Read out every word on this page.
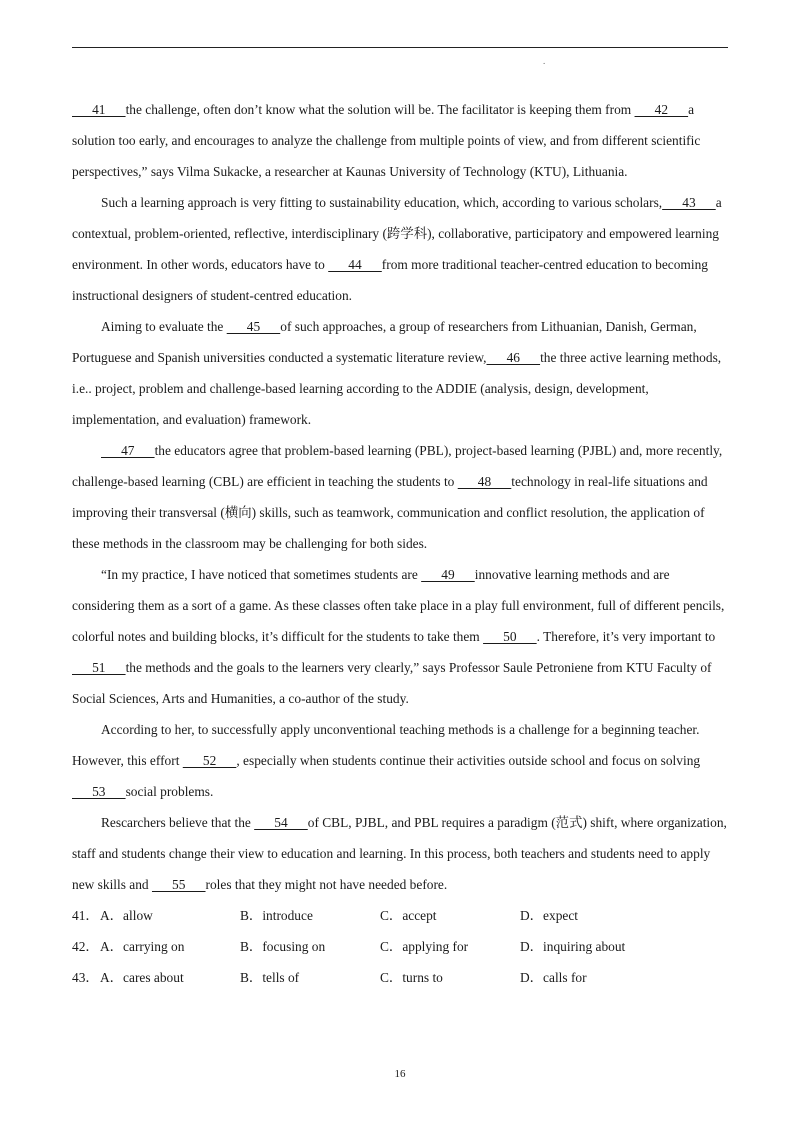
.

41      the challenge, often don’t know what the solution will be. The facilitator is keeping them from       42      a solution too early, and encourages to analyze the challenge from multiple points of view, and from different scientific perspectives,” says Vilma Sukacke, a researcher at Kaunas University of Technology (KTU), Lithuania.

Such a learning approach is very fitting to sustainability education, which, according to various scholars,      43      a contextual, problem-oriented, reflective, interdisciplinary (跨学科), collaborative, participatory and empowered learning environment. In other words, educators have to       44      from more traditional teacher-centred education to becoming instructional designers of student-centred education.

Aiming to evaluate the       45      of such approaches, a group of researchers from Lithuanian, Danish, German, Portuguese and Spanish universities conducted a systematic literature review,      46      the three active learning methods, i.e.. project, problem and challenge-based learning according to the ADDIE (analysis, design, development, implementation, and evaluation) framework.

47      the educators agree that problem-based learning (PBL), project-based learning (PJBL) and, more recently, challenge-based learning (CBL) are efficient in teaching the students to       48      technology in real-life situations and improving their transversal (横向) skills, such as teamwork, communication and conflict resolution, the application of these methods in the classroom may be challenging for both sides.

“In my practice, I have noticed that sometimes students are       49      innovative learning methods and are considering them as a sort of a game. As these classes often take place in a play full environment, full of different pencils, colorful notes and building blocks, it’s difficult for the students to take them       50      . Therefore, it’s very important to      51      the methods and the goals to the learners very clearly,” says Professor Saule Petroniene from KTU Faculty of Social Sciences, Arts and Humanities, a co-author of the study.

According to her, to successfully apply unconventional teaching methods is a challenge for a beginning teacher. However, this effort       52      , especially when students continue their activities outside school and focus on solving       53      social problems.

Rescarchers believe that the       54      of CBL, PJBL, and PBL requires a paradigm (范式) shift, where organization, staff and students change their view to education and learning. In this process, both teachers and students need to apply new skills and       55      roles that they might not have needed before.

41． A．allow	B．introduce	C．accept	D．expect
42． A．carrying on	B．focusing on	C．applying for	D．inquiring about
43． A．cares about	B．tells of	C．turns to	D．calls for
16
